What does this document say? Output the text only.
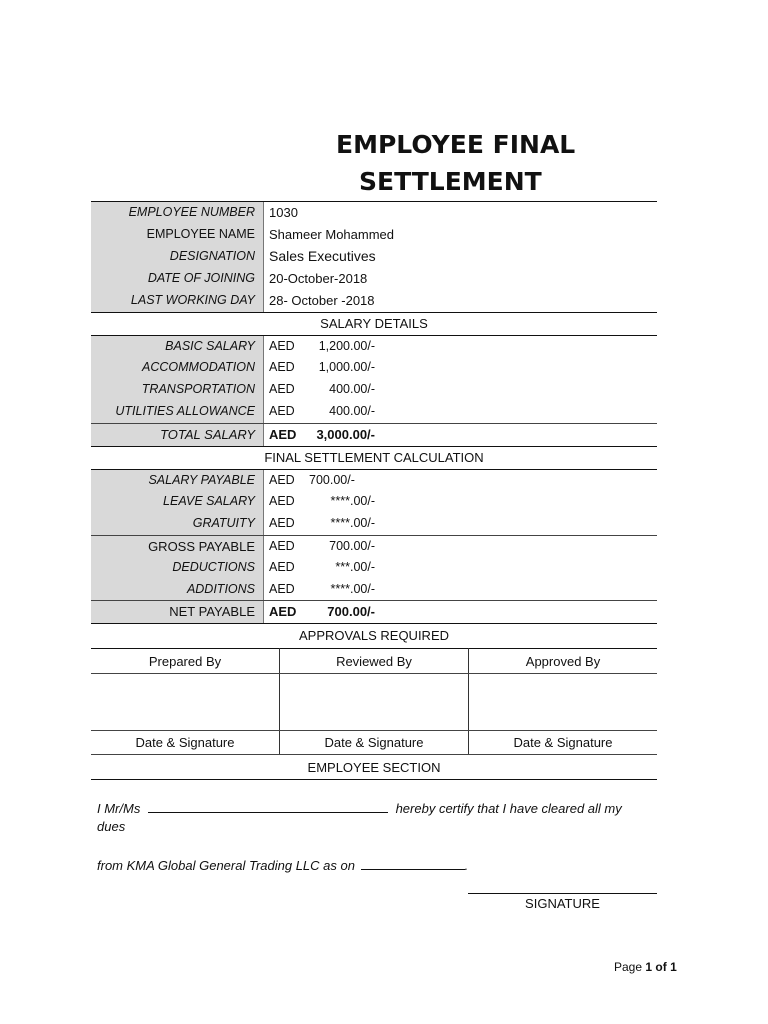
EMPLOYEE FINAL
SETTLEMENT
EMPLOYEE NUMBER	1030
EMPLOYEE NAME	Shameer Mohammed
DESIGNATION	Sales Executives
DATE OF JOINING	20-October-2018
LAST WORKING DAY	28- October -2018
SALARY DETAILS
BASIC SALARY	AED	1,200.00/-
ACCOMMODATION	AED	1,000.00/-
TRANSPORTATION	AED	400.00/-
UTILITIES ALLOWANCE	AED	400.00/-
TOTAL SALARY	AED	3,000.00/-
FINAL SETTLEMENT CALCULATION
SALARY PAYABLE	AED 700.00/-
LEAVE SALARY	AED	****.00/-
GRATUITY	AED	****.00/-
GROSS PAYABLE	AED	700.00/-
DEDUCTIONS	AED	***.00/-
ADDITIONS	AED	****.00/-
NET PAYABLE	AED	700.00/-
APPROVALS REQUIRED
Prepared By	Reviewed By	Approved By
Date & Signature	Date & Signature	Date & Signature
EMPLOYEE SECTION
I Mr/Ms	hereby certify that I have cleared all my
dues
from KMA Global General Trading LLC as on	.
SIGNATURE
Page 1 of 1
